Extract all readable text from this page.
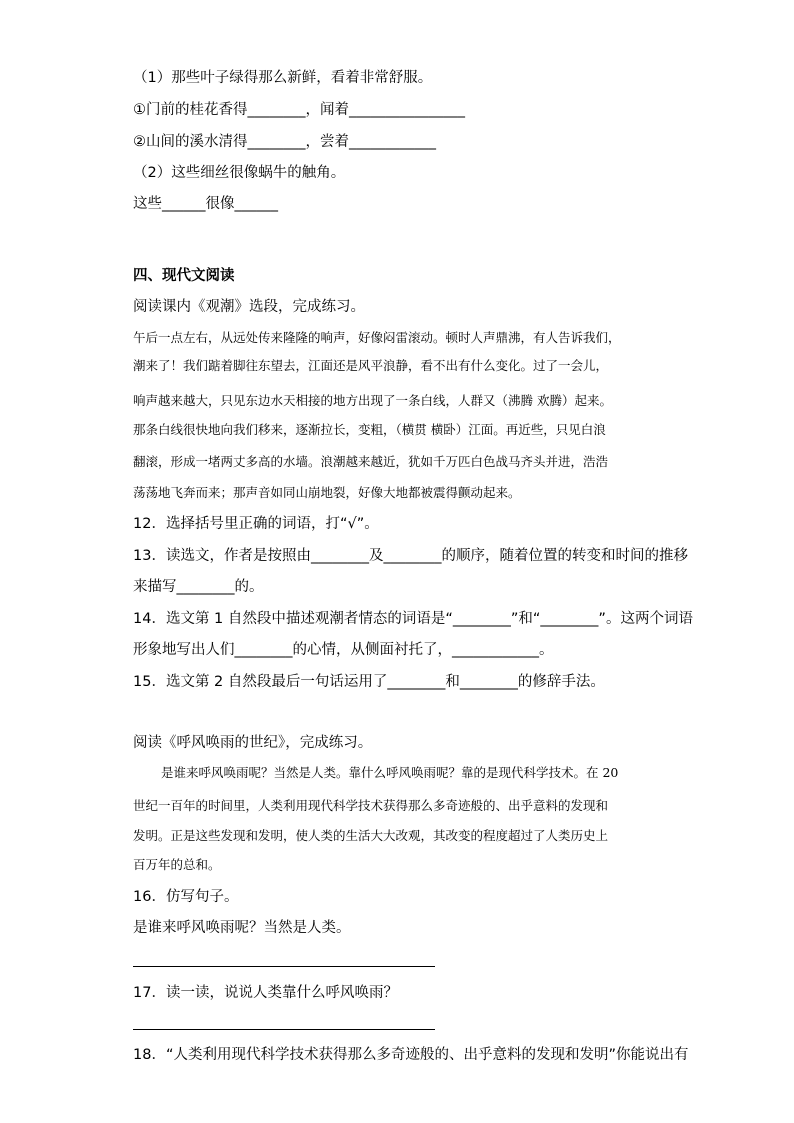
（1）那些叶子绿得那么新鲜，看着非常舒服。
①门前的桂花香得________，闻着________________
②山间的溪水清得________，尝着____________
（2）这些细丝很像蜗牛的触角。
这些______很像______
四、现代文阅读
阅读课内《观潮》选段，完成练习。
午后一点左右，从远处传来隆隆的响声，好像闷雷滚动。顿时人声鼎沸，有人告诉我们，
潮来了！我们踮着脚往东望去，江面还是风平浪静，看不出有什么变化。过了一会儿，
响声越来越大，只见东边水天相接的地方出现了一条白线，人群又（沸腾 欢腾）起来。
那条白线很快地向我们移来，逐渐拉长，变粗，（横贯 横卧）江面。再近些，只见白浪
翻滚，形成一堵两丈多高的水墙。浪潮越来越近，犹如千万匹白色战马齐头并进，浩浩
荡荡地飞奔而来；那声音如同山崩地裂，好像大地都被震得颤动起来。
12．选择括号里正确的词语，打“√”。
13．读选文，作者是按照由________及________的顺序，随着位置的转变和时间的推移
来描写________的。
14．选文第 1 自然段中描述观潮者情态的词语是“________”和“________”。这两个词语
形象地写出人们________的心情，从侧面衬托了，____________。
15．选文第 2 自然段最后一句话运用了________和________的修辞手法。
阅读《呼风唤雨的世纪》，完成练习。
是谁来呼风唤雨呢？当然是人类。靠什么呼风唤雨呢？靠的是现代科学技术。在 20
世纪一百年的时间里，人类利用现代科学技术获得那么多奇迹般的、出乎意料的发现和
发明。正是这些发现和发明，使人类的生活大大改观，其改变的程度超过了人类历史上
百万年的总和。
16．仿写句子。
是谁来呼风唤雨呢？当然是人类。
17．读一读，说说人类靠什么呼风唤雨？
18．“人类利用现代科学技术获得那么多奇迹般的、出乎意料的发现和发明”你能说出有
